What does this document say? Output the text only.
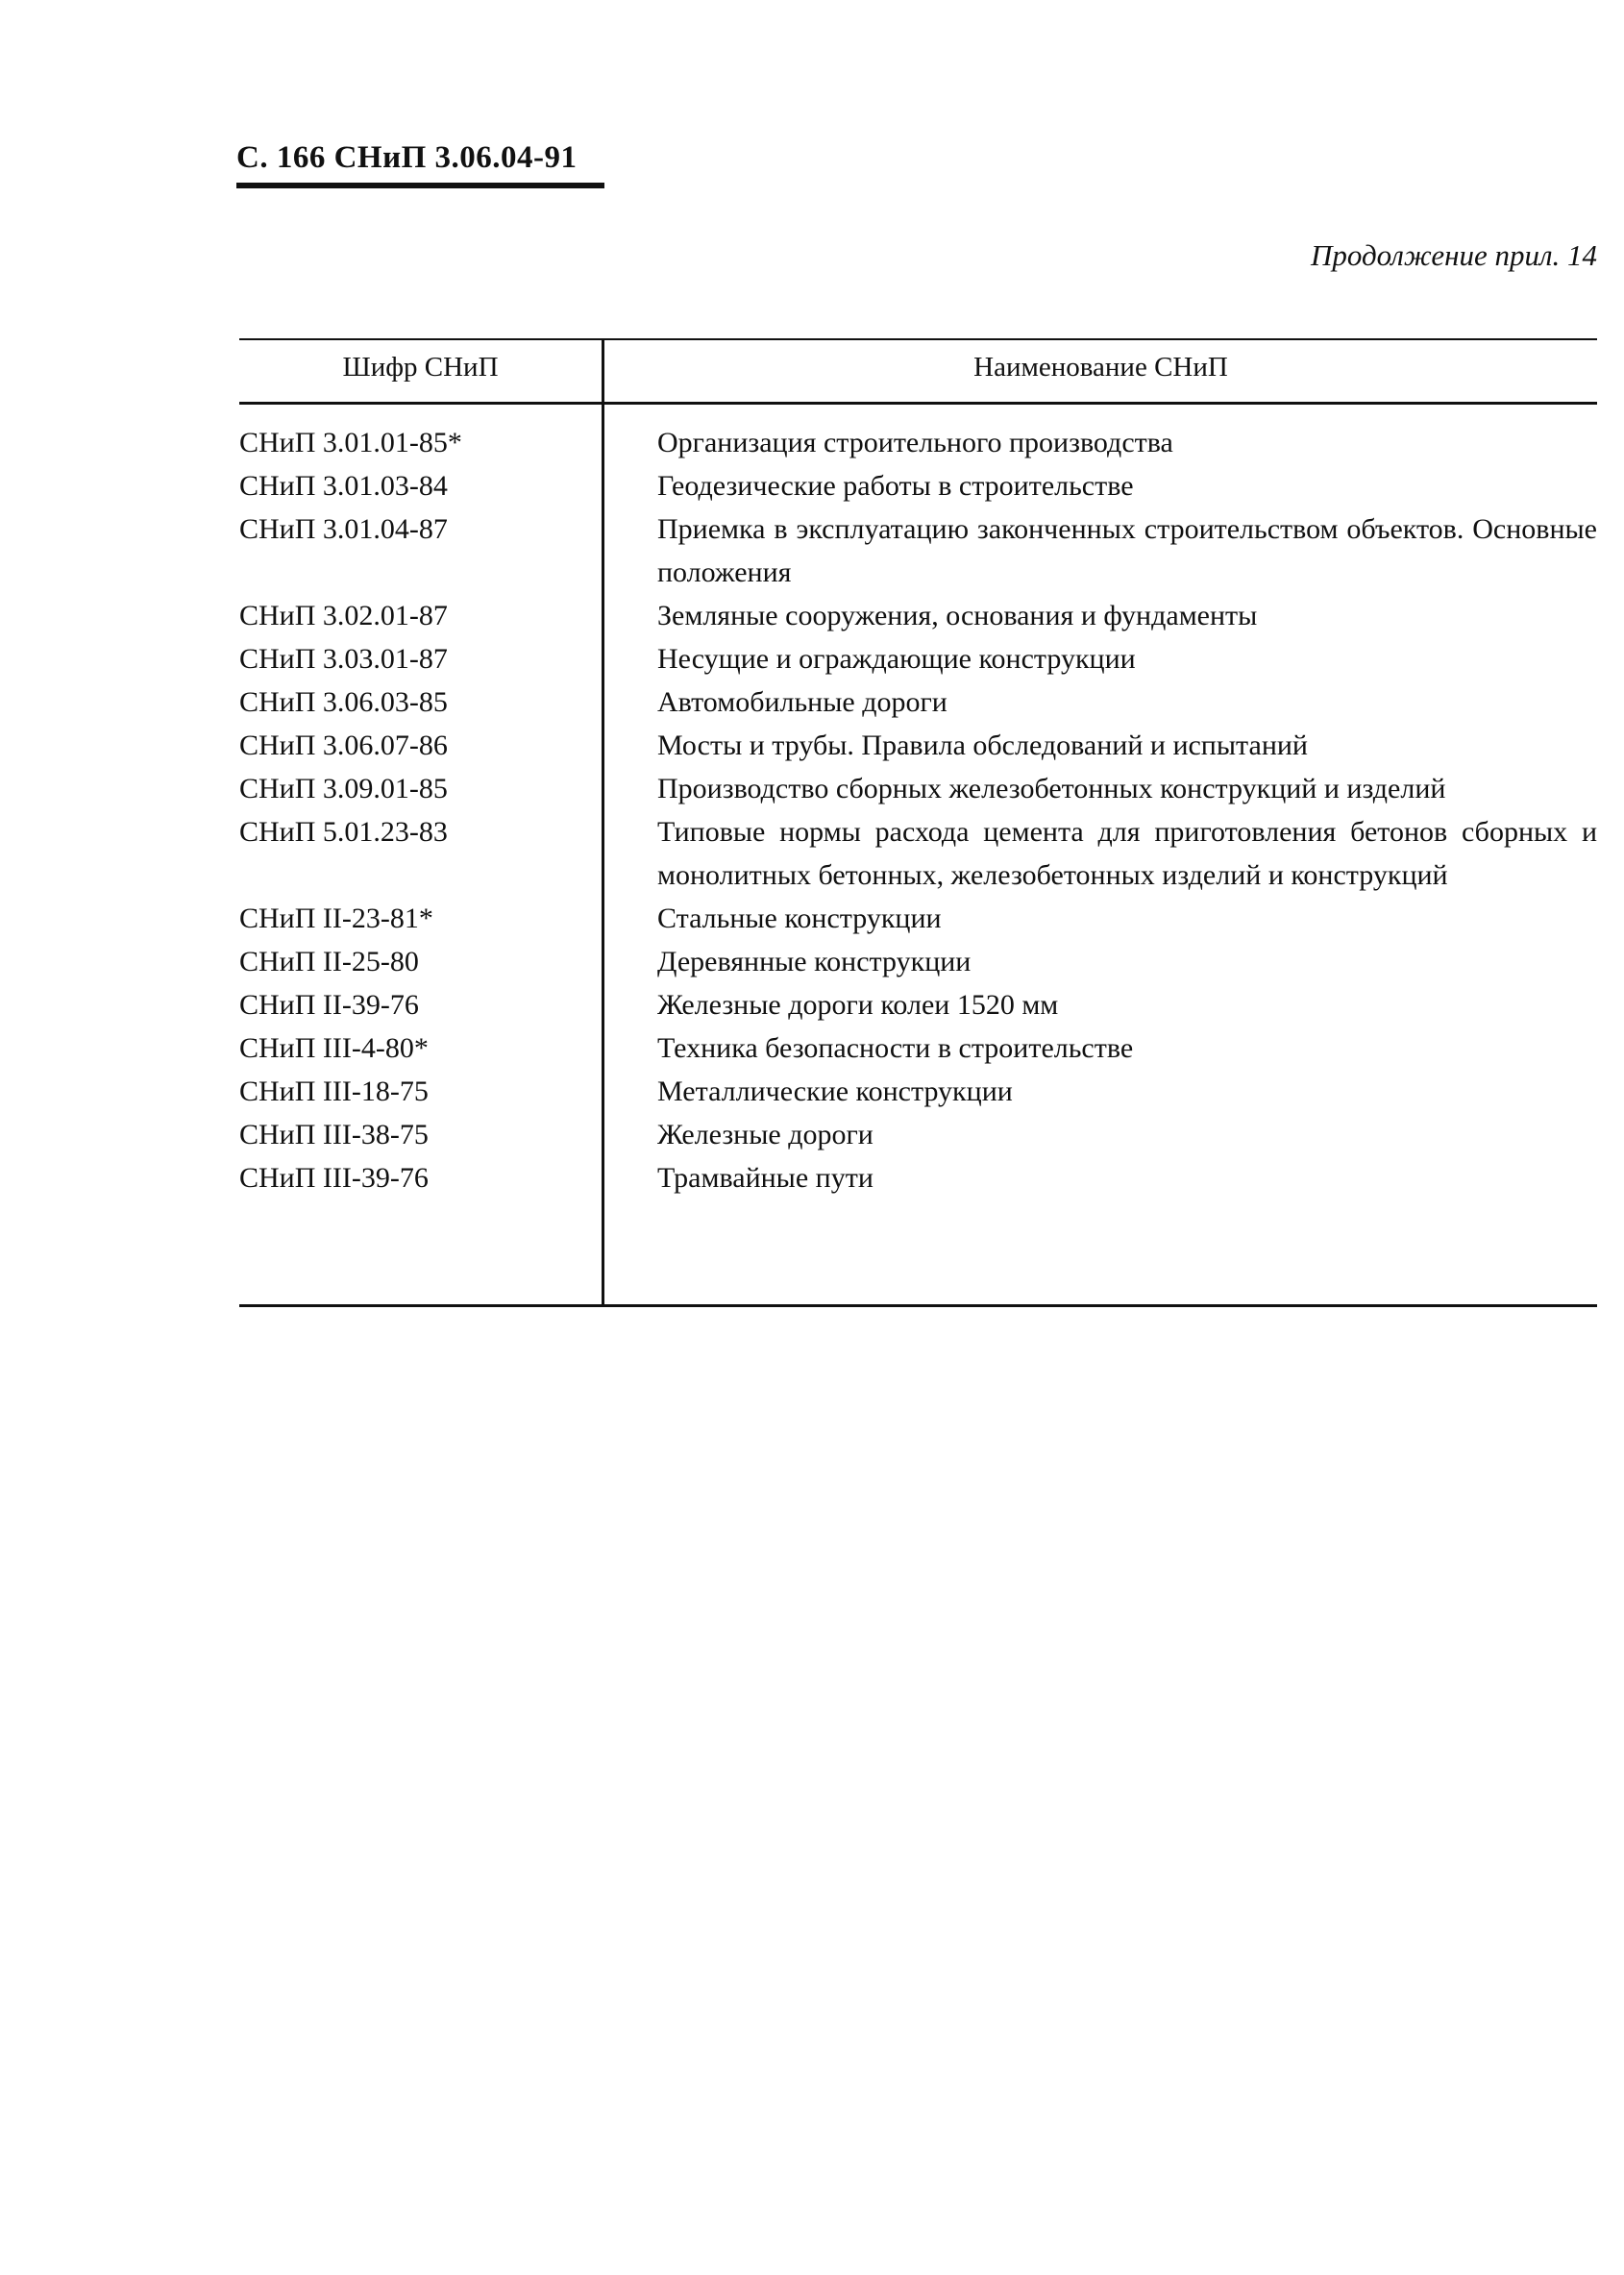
С. 166 СНиП 3.06.04-91
Продолжение прил. 14
Шифр СНиП	Наименование СНиП
СНиП 3.01.01-85*	Организация строительного производства
СНиП 3.01.03-84	Геодезические работы в строительстве
СНиП 3.01.04-87	Приемка в эксплуатацию законченных строительством объектов. Основные положения
СНиП 3.02.01-87	Земляные сооружения, основания и фундаменты
СНиП 3.03.01-87	Несущие и ограждающие конструкции
СНиП 3.06.03-85	Автомобильные дороги
СНиП 3.06.07-86	Мосты и трубы. Правила обследований и испытаний
СНиП 3.09.01-85	Производство сборных железобетонных конструкций и изделий
СНиП 5.01.23-83	Типовые нормы расхода цемента для приготовления бетонов сборных и монолитных бетонных, железобетонных изделий и конструкций
СНиП II-23-81*	Стальные конструкции
СНиП II-25-80	Деревянные конструкции
СНиП II-39-76	Железные дороги колеи 1520 мм
СНиП III-4-80*	Техника безопасности в строительстве
СНиП III-18-75	Металлические конструкции
СНиП III-38-75	Железные дороги
СНиП III-39-76	Трамвайные пути
